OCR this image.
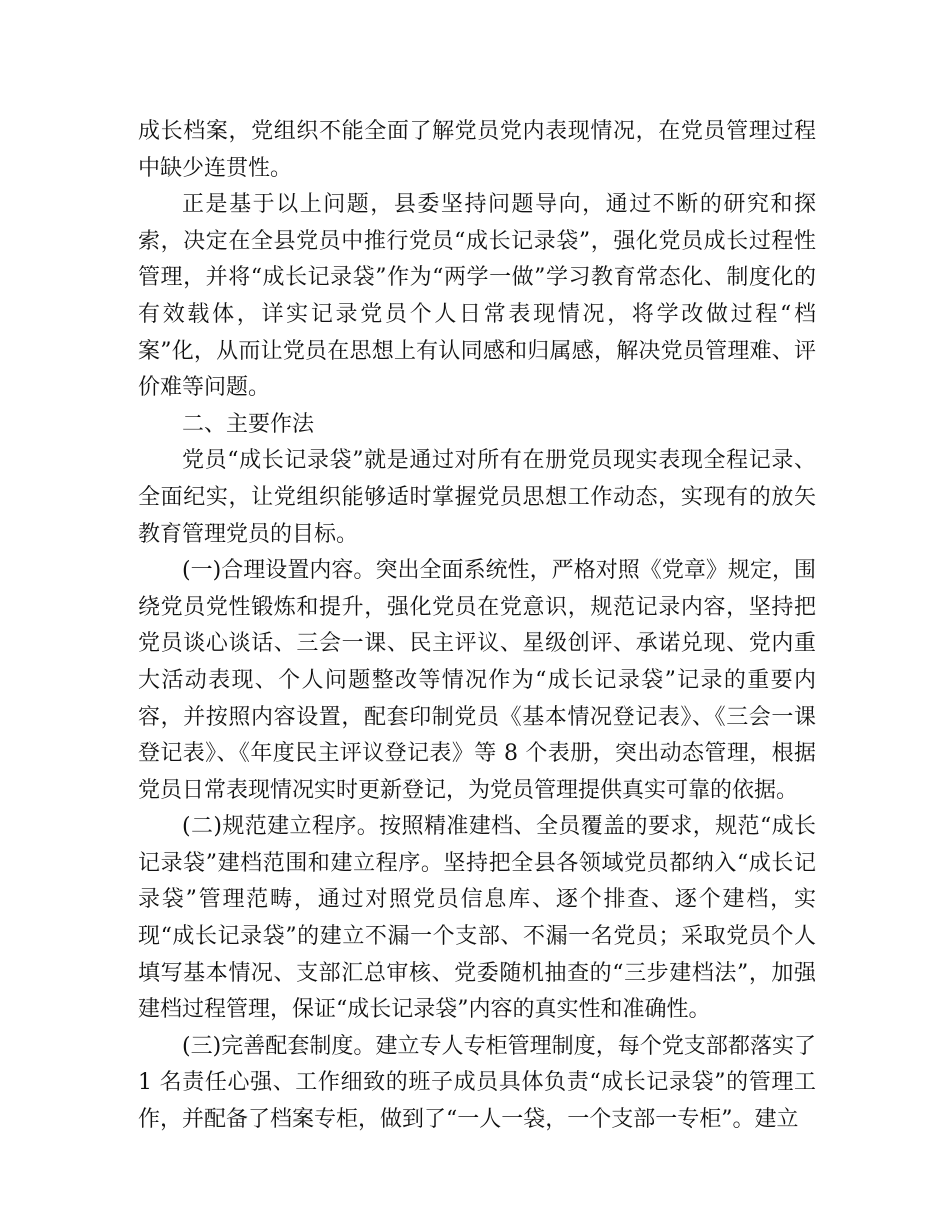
成长档案，党组织不能全面了解党员党内表现情况，在党员管理过程中缺少连贯性。

正是基于以上问题，县委坚持问题导向，通过不断的研究和探索，决定在全县党员中推行党员“成长记录袋”，强化党员成长过程性管理，并将“成长记录袋”作为“两学一做”学习教育常态化、制度化的有效载体，详实记录党员个人日常表现情况，将学改做过程“档案”化，从而让党员在思想上有认同感和归属感，解决党员管理难、评价难等问题。

二、主要作法

党员“成长记录袋”就是通过对所有在册党员现实表现全程记录、全面纪实，让党组织能够适时掌握党员思想工作动态，实现有的放矢教育管理党员的目标。

(一)合理设置内容。突出全面系统性，严格对照《党章》规定，围绕党员党性锻炼和提升，强化党员在党意识，规范记录内容，坚持把党员谈心谈话、三会一课、民主评议、星级创评、承诺兑现、党内重大活动表现、个人问题整改等情况作为“成长记录袋”记录的重要内容，并按照内容设置，配套印制党员《基本情况登记表》、《三会一课登记表》、《年度民主评议登记表》等 8 个表册，突出动态管理，根据党员日常表现情况实时更新登记，为党员管理提供真实可靠的依据。

(二)规范建立程序。按照精准建档、全员覆盖的要求，规范“成长记录袋”建档范围和建立程序。坚持把全县各领域党员都纳入“成长记录袋”管理范畴，通过对照党员信息库、逐个排查、逐个建档，实现“成长记录袋”的建立不漏一个支部、不漏一名党员；采取党员个人填写基本情况、支部汇总审核、党委随机抽查的“三步建档法”，加强建档过程管理，保证“成长记录袋”内容的真实性和准确性。

(三)完善配套制度。建立专人专柜管理制度，每个党支部都落实了 1 名责任心强、工作细致的班子成员具体负责“成长记录袋”的管理工作，并配备了档案专柜，做到了“一人一袋，一个支部一专柜”。建立
